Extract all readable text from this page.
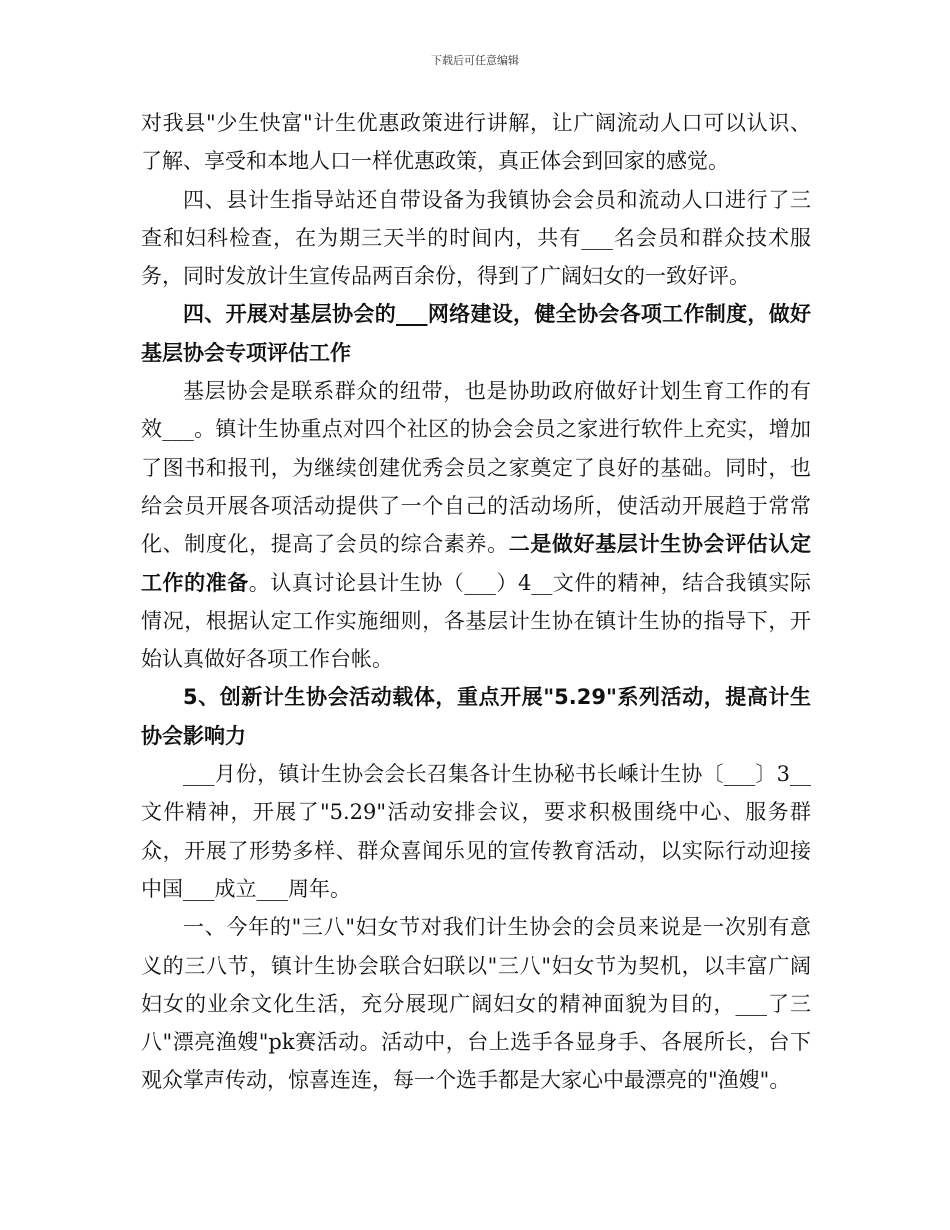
下载后可任意编辑

对我县"少生快富"计生优惠政策进行讲解，让广阔流动人口可以认识、了解、享受和本地人口一样优惠政策，真正体会到回家的感觉。

四、县计生指导站还自带设备为我镇协会会员和流动人口进行了三查和妇科检查，在为期三天半的时间内，共有___名会员和群众技术服务，同时发放计生宣传品两百余份，得到了广阔妇女的一致好评。

四、开展对基层协会的___网络建设，健全协会各项工作制度，做好基层协会专项评估工作

基层协会是联系群众的纽带，也是协助政府做好计划生育工作的有效___。镇计生协重点对四个社区的协会会员之家进行软件上充实，增加了图书和报刊，为继续创建优秀会员之家奠定了良好的基础。同时，也给会员开展各项活动提供了一个自己的活动场所，使活动开展趋于常常化、制度化，提高了会员的综合素养。二是做好基层计生协会评估认定工作的准备。认真讨论县计生协（___）4__文件的精神，结合我镇实际情况，根据认定工作实施细则，各基层计生协在镇计生协的指导下，开始认真做好各项工作台帐。

5、创新计生协会活动载体，重点开展"5.29"系列活动，提高计生协会影响力

___月份，镇计生协会会长召集各计生协秘书长嵊计生协〔___〕3__文件精神，开展了"5.29"活动安排会议，要求积极围绕中心、服务群众，开展了形势多样、群众喜闻乐见的宣传教育活动，以实际行动迎接中国___成立___周年。

一、今年的"三八"妇女节对我们计生协会的会员来说是一次别有意义的三八节，镇计生协会联合妇联以"三八"妇女节为契机，以丰富广阔妇女的业余文化生活，充分展现广阔妇女的精神面貌为目的，___了三八"漂亮渔嫂"pk赛活动。活动中，台上选手各显身手、各展所长，台下观众掌声传动，惊喜连连，每一个选手都是大家心中最漂亮的"渔嫂"。
